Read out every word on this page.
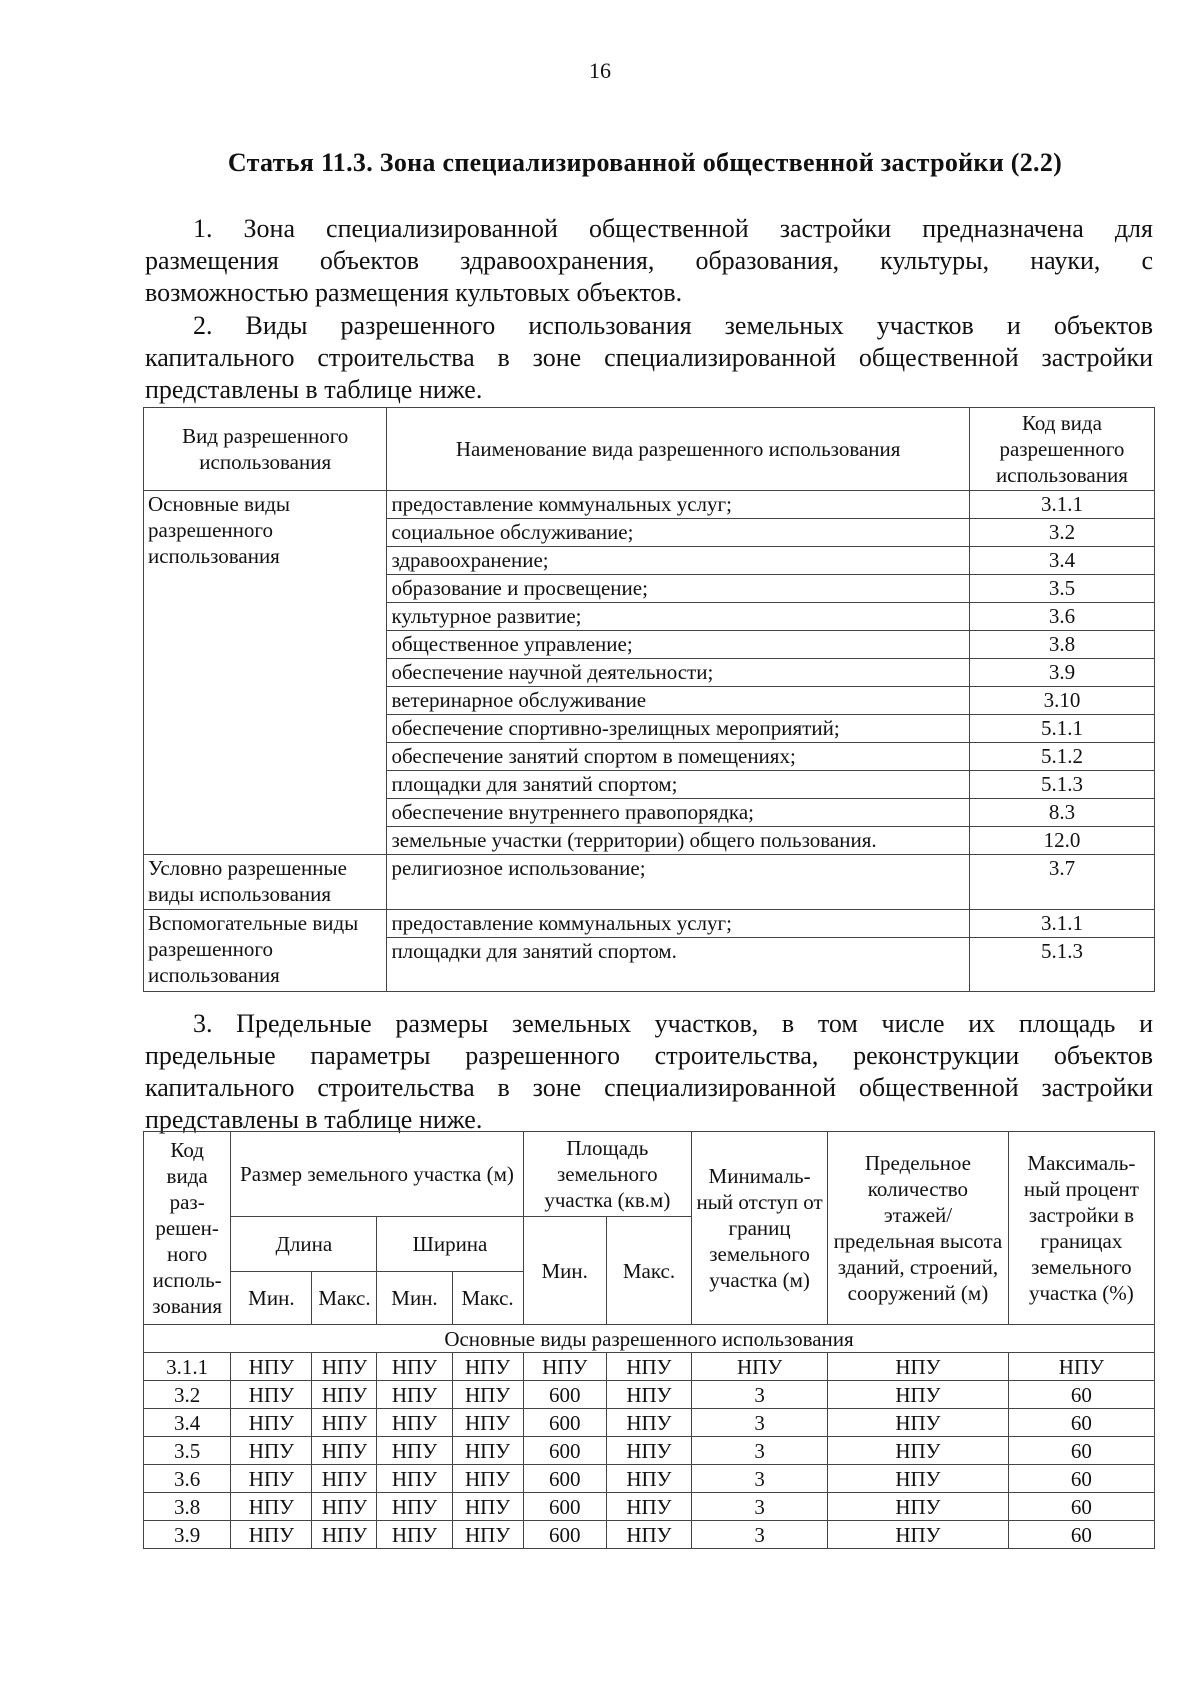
16
Статья 11.3. Зона специализированной общественной застройки (2.2)
1. Зона специализированной общественной застройки предназначена для
размещения объектов здравоохранения, образования, культуры, науки, с
возможностью размещения культовых объектов.
2. Виды разрешенного использования земельных участков и объектов
капитального строительства в зоне специализированной общественной застройки
представлены в таблице ниже.
Вид разрешенного использования	Наименование вида разрешенного использования	Код вида разрешенного использования
Основные виды разрешенного использования	предоставление коммунальных услуг;	3.1.1
	социальное обслуживание;	3.2
	здравоохранение;	3.4
	образование и просвещение;	3.5
	культурное развитие;	3.6
	общественное управление;	3.8
	обеспечение научной деятельности;	3.9
	ветеринарное обслуживание	3.10
	обеспечение спортивно-зрелищных мероприятий;	5.1.1
	обеспечение занятий спортом в помещениях;	5.1.2
	площадки для занятий спортом;	5.1.3
	обеспечение внутреннего правопорядка;	8.3
	земельные участки (территории) общего пользования.	12.0
Условно разрешенные виды использования	религиозное использование;	3.7
Вспомогательные виды разрешенного использования	предоставление коммунальных услуг;	3.1.1
	площадки для занятий спортом.	5.1.3
3. Предельные размеры земельных участков, в том числе их площадь и
предельные параметры разрешенного строительства, реконструкции объектов
капитального строительства в зоне специализированной общественной застройки
представлены в таблице ниже.
Код вида раз- решен- ного исполь- зования	Размер земельного участка (м)				Площадь земельного участка (кв.м)		Минималь- ный отступ от границ земельного участка (м)	Предельное количество этажей/ предельная высота зданий, строений, сооружений (м)	Максималь- ный процент застройки в границах земельного участка (%)
	Длина		Ширина		Мин.	Макс.			
	Мин.	Макс.	Мин.	Макс.					
Основные виды разрешенного использования									
3.1.1	НПУ	НПУ	НПУ	НПУ	НПУ	НПУ	НПУ	НПУ	НПУ
3.2	НПУ	НПУ	НПУ	НПУ	600	НПУ	3	НПУ	60
3.4	НПУ	НПУ	НПУ	НПУ	600	НПУ	3	НПУ	60
3.5	НПУ	НПУ	НПУ	НПУ	600	НПУ	3	НПУ	60
3.6	НПУ	НПУ	НПУ	НПУ	600	НПУ	3	НПУ	60
3.8	НПУ	НПУ	НПУ	НПУ	600	НПУ	3	НПУ	60
3.9	НПУ	НПУ	НПУ	НПУ	600	НПУ	3	НПУ	60
